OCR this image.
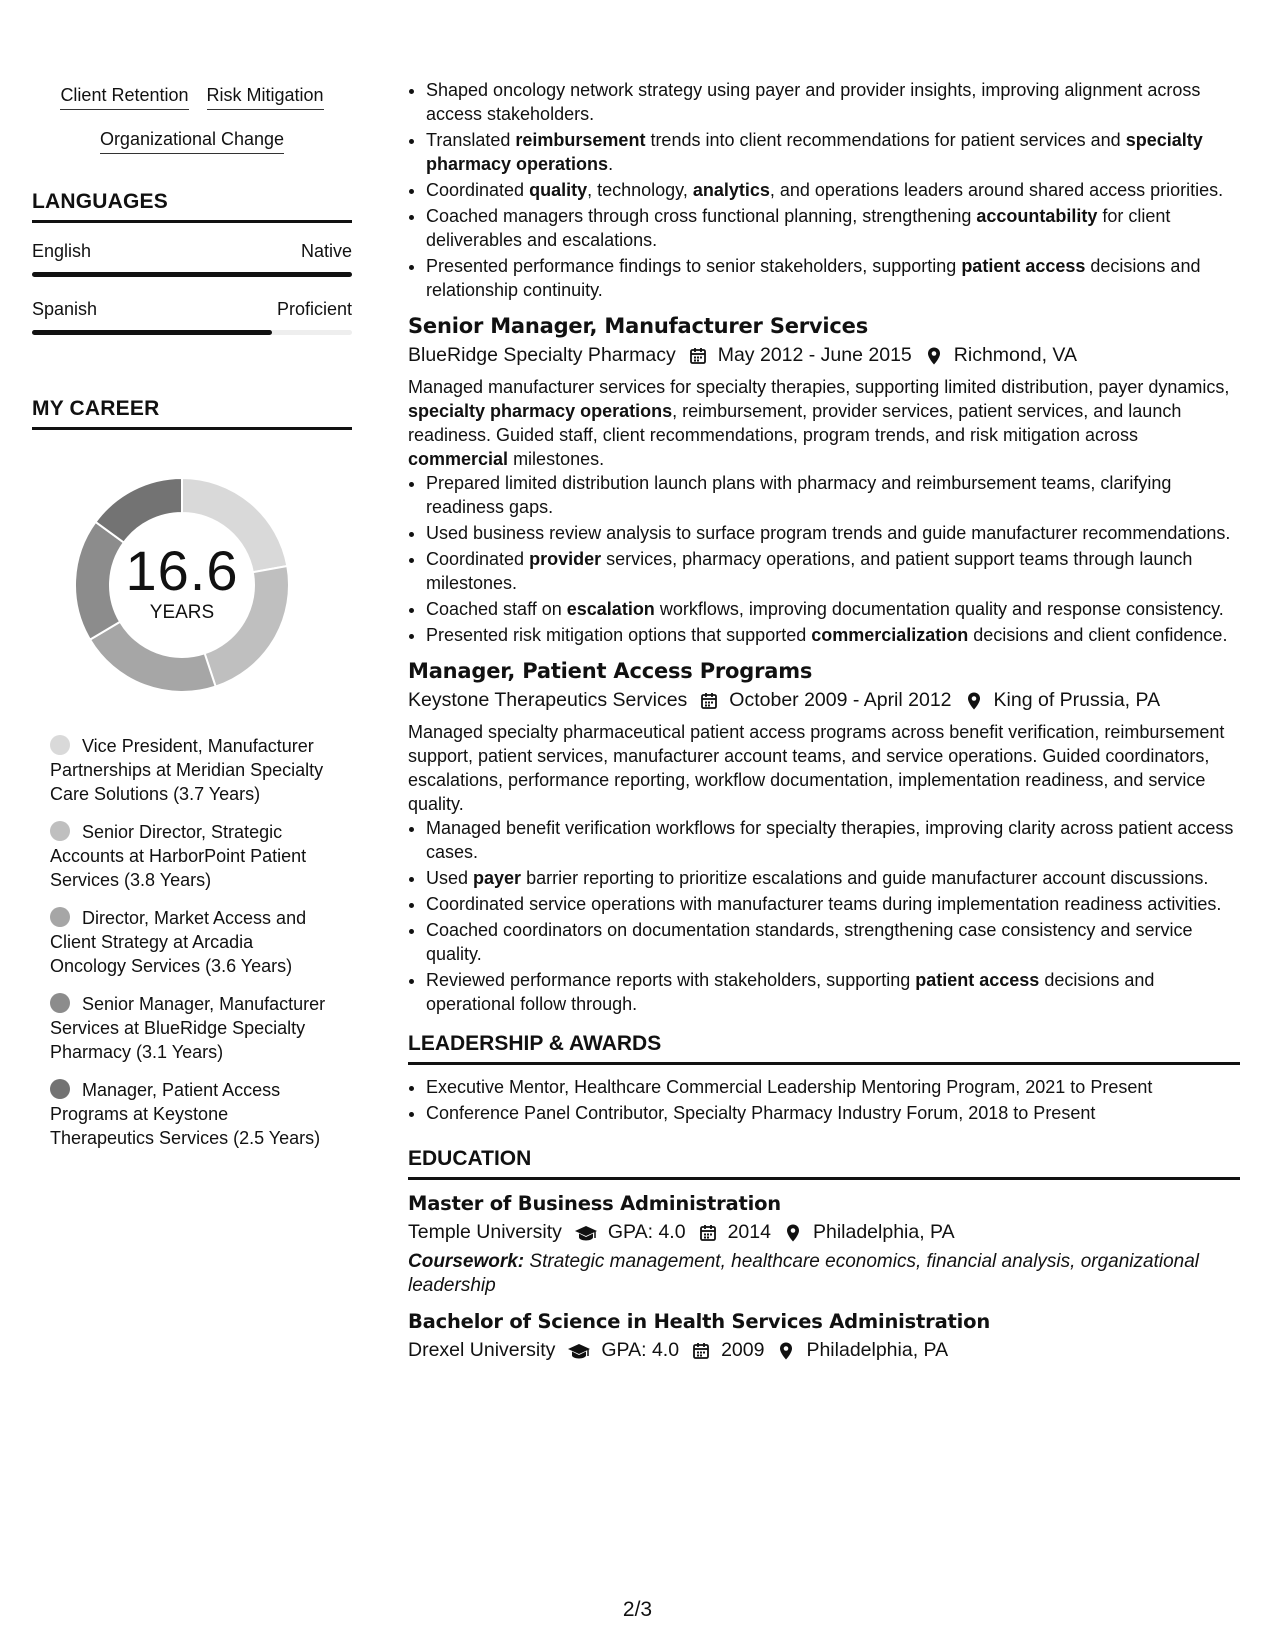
Client Retention Risk Mitigation
Organizational Change
LANGUAGES
English	Native
Spanish	Proficient
MY CAREER
16.6
YEARS
Vice President, Manufacturer Partnerships at Meridian Specialty Care Solutions (3.7 Years)
Senior Director, Strategic Accounts at HarborPoint Patient Services (3.8 Years)
Director, Market Access and Client Strategy at Arcadia Oncology Services (3.6 Years)
Senior Manager, Manufacturer Services at BlueRidge Specialty Pharmacy (3.1 Years)
Manager, Patient Access Programs at Keystone Therapeutics Services (2.5 Years)
• Shaped oncology network strategy using payer and provider insights, improving alignment across access stakeholders.
• Translated reimbursement trends into client recommendations for patient services and specialty pharmacy operations.
• Coordinated quality, technology, analytics, and operations leaders around shared access priorities.
• Coached managers through cross functional planning, strengthening accountability for client deliverables and escalations.
• Presented performance findings to senior stakeholders, supporting patient access decisions and relationship continuity.
Senior Manager, Manufacturer Services
BlueRidge Specialty Pharmacy May 2012 - June 2015 Richmond, VA
Managed manufacturer services for specialty therapies, supporting limited distribution, payer dynamics, specialty pharmacy operations, reimbursement, provider services, patient services, and launch readiness. Guided staff, client recommendations, program trends, and risk mitigation across commercial milestones.
• Prepared limited distribution launch plans with pharmacy and reimbursement teams, clarifying readiness gaps.
• Used business review analysis to surface program trends and guide manufacturer recommendations.
• Coordinated provider services, pharmacy operations, and patient support teams through launch milestones.
• Coached staff on escalation workflows, improving documentation quality and response consistency.
• Presented risk mitigation options that supported commercialization decisions and client confidence.
Manager, Patient Access Programs
Keystone Therapeutics Services October 2009 - April 2012 King of Prussia, PA
Managed specialty pharmaceutical patient access programs across benefit verification, reimbursement support, patient services, manufacturer account teams, and service operations. Guided coordinators, escalations, performance reporting, workflow documentation, implementation readiness, and service quality.
• Managed benefit verification workflows for specialty therapies, improving clarity across patient access cases.
• Used payer barrier reporting to prioritize escalations and guide manufacturer account discussions.
• Coordinated service operations with manufacturer teams during implementation readiness activities.
• Coached coordinators on documentation standards, strengthening case consistency and service quality.
• Reviewed performance reports with stakeholders, supporting patient access decisions and operational follow through.
LEADERSHIP & AWARDS
• Executive Mentor, Healthcare Commercial Leadership Mentoring Program, 2021 to Present
• Conference Panel Contributor, Specialty Pharmacy Industry Forum, 2018 to Present
EDUCATION
Master of Business Administration
Temple University GPA: 4.0 2014 Philadelphia, PA
Coursework: Strategic management, healthcare economics, financial analysis, organizational leadership
Bachelor of Science in Health Services Administration
Drexel University GPA: 4.0 2009 Philadelphia, PA
2/3
